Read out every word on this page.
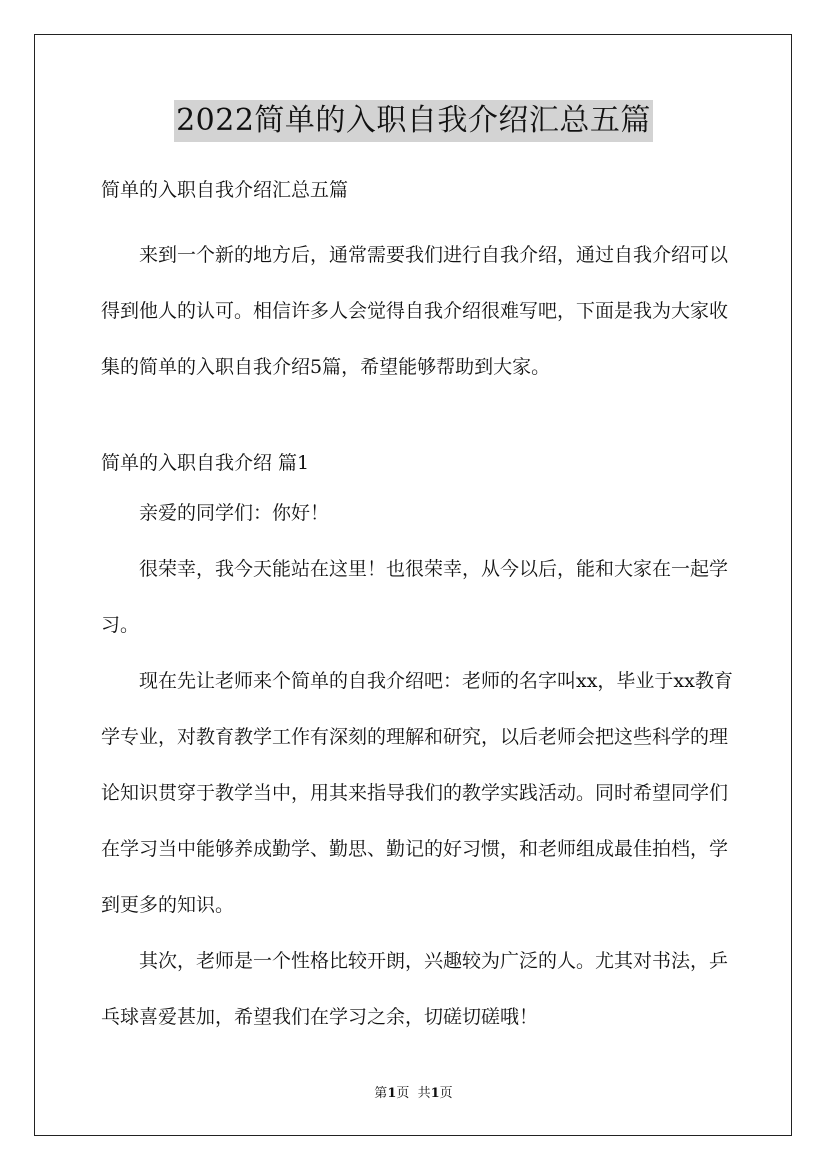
2022简单的入职自我介绍汇总五篇

简单的入职自我介绍汇总五篇

来到一个新的地方后，通常需要我们进行自我介绍，通过自我介绍可以得到他人的认可。相信许多人会觉得自我介绍很难写吧，下面是我为大家收集的简单的入职自我介绍5篇，希望能够帮助到大家。

简单的入职自我介绍 篇1

亲爱的同学们：你好！

很荣幸，我今天能站在这里！也很荣幸，从今以后，能和大家在一起学习。

现在先让老师来个简单的自我介绍吧：老师的名字叫xx，毕业于xx教育学专业，对教育教学工作有深刻的理解和研究，以后老师会把这些科学的理论知识贯穿于教学当中，用其来指导我们的教学实践活动。同时希望同学们在学习当中能够养成勤学、勤思、勤记的好习惯，和老师组成最佳拍档，学到更多的知识。

其次，老师是一个性格比较开朗，兴趣较为广泛的人。尤其对书法，乒乓球喜爱甚加，希望我们在学习之余，切磋切磋哦！

第1页  共1页
